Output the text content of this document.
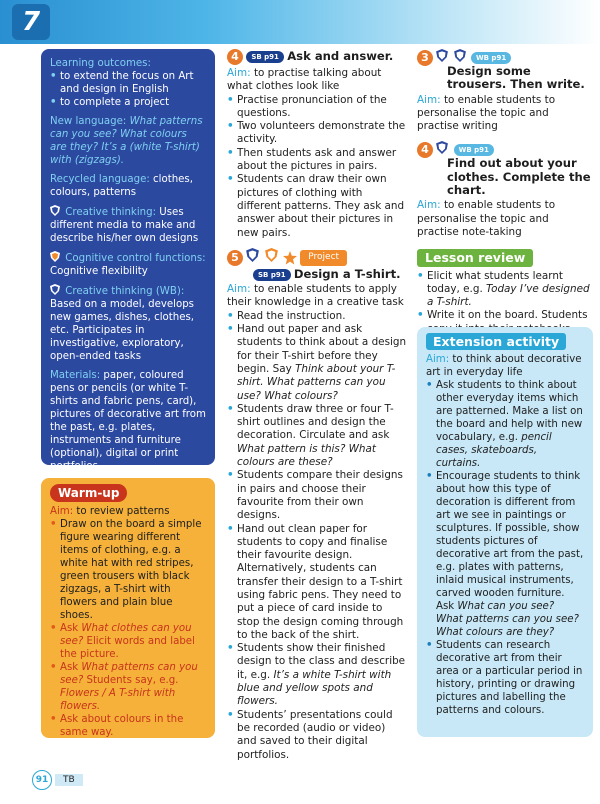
7
Learning outcomes:
• to extend the focus on Art and design in English
• to complete a project
New language: What patterns can you see? What colours are they? It’s a (white T-shirt) with (zigzags).
Recycled language: clothes, colours, patterns
Creative thinking: Uses different media to make and describe his/her own designs
Cognitive control functions:
Cognitive flexibility
Creative thinking (WB):
Based on a model, develops new games, dishes, clothes, etc. Participates in investigative, exploratory, open-ended tasks
Materials: paper, coloured pens or pencils (or white T-shirts and fabric pens, card), pictures of decorative art from the past, e.g. plates, instruments and furniture (optional), digital or print portfolios
Warm-up
Aim: to review patterns
• Draw on the board a simple figure wearing different items of clothing, e.g. a white hat with red stripes, green trousers with black zigzags, a T-shirt with flowers and plain blue shoes.
• Ask What clothes can you see? Elicit words and label the picture.
• Ask What patterns can you see? Students say, e.g. Flowers / A T-shirt with flowers.
• Ask about colours in the same way.
4 SB p91 Ask and answer.
Aim: to practise talking about what clothes look like
• Practise pronunciation of the questions.
• Two volunteers demonstrate the activity.
• Then students ask and answer about the pictures in pairs.
• Students can draw their own pictures of clothing with different patterns. They ask and answer about their pictures in new pairs.
5	Project
SB p91 Design a T-shirt.
Aim: to enable students to apply their knowledge in a creative task
• Read the instruction.
• Hand out paper and ask students to think about a design for their T-shirt before they begin. Say Think about your T-shirt. What patterns can you use? What colours?
• Students draw three or four T-shirt outlines and design the decoration. Circulate and ask What pattern is this? What colours are these?
• Students compare their designs in pairs and choose their favourite from their own designs.
• Hand out clean paper for students to copy and finalise their favourite design. Alternatively, students can transfer their design to a T-shirt using fabric pens. They need to put a piece of card inside to stop the design coming through to the back of the shirt.
• Students show their finished design to the class and describe it, e.g. It’s a white T-shirt with blue and yellow spots and flowers.
• Students’ presentations could be recorded (audio or video) and saved to their digital portfolios.
3	WB p91
Design some trousers. Then write.
Aim: to enable students to personalise the topic and practise writing
4	WB p91
Find out about your clothes. Complete the chart.
Aim: to enable students to personalise the topic and practise note-taking
Lesson review
• Elicit what students learnt today, e.g. Today I’ve designed a T-shirt.
• Write it on the board. Students
Extension activity
Aim: to think about decorative art in everyday life
• Ask students to think about other everyday items which are patterned. Make a list on the board and help with new vocabulary, e.g. pencil cases, skateboards, curtains.
• Encourage students to think about how this type of decoration is different from art we see in paintings or sculptures. If possible, show students pictures of decorative art from the past, e.g. plates with patterns, inlaid musical instruments, carved wooden furniture. Ask What can you see? What patterns can you see? What colours are they?
• Students can research decorative art from their area or a particular period in history, printing or drawing pictures and labelling the patterns and colours.
91 TB
